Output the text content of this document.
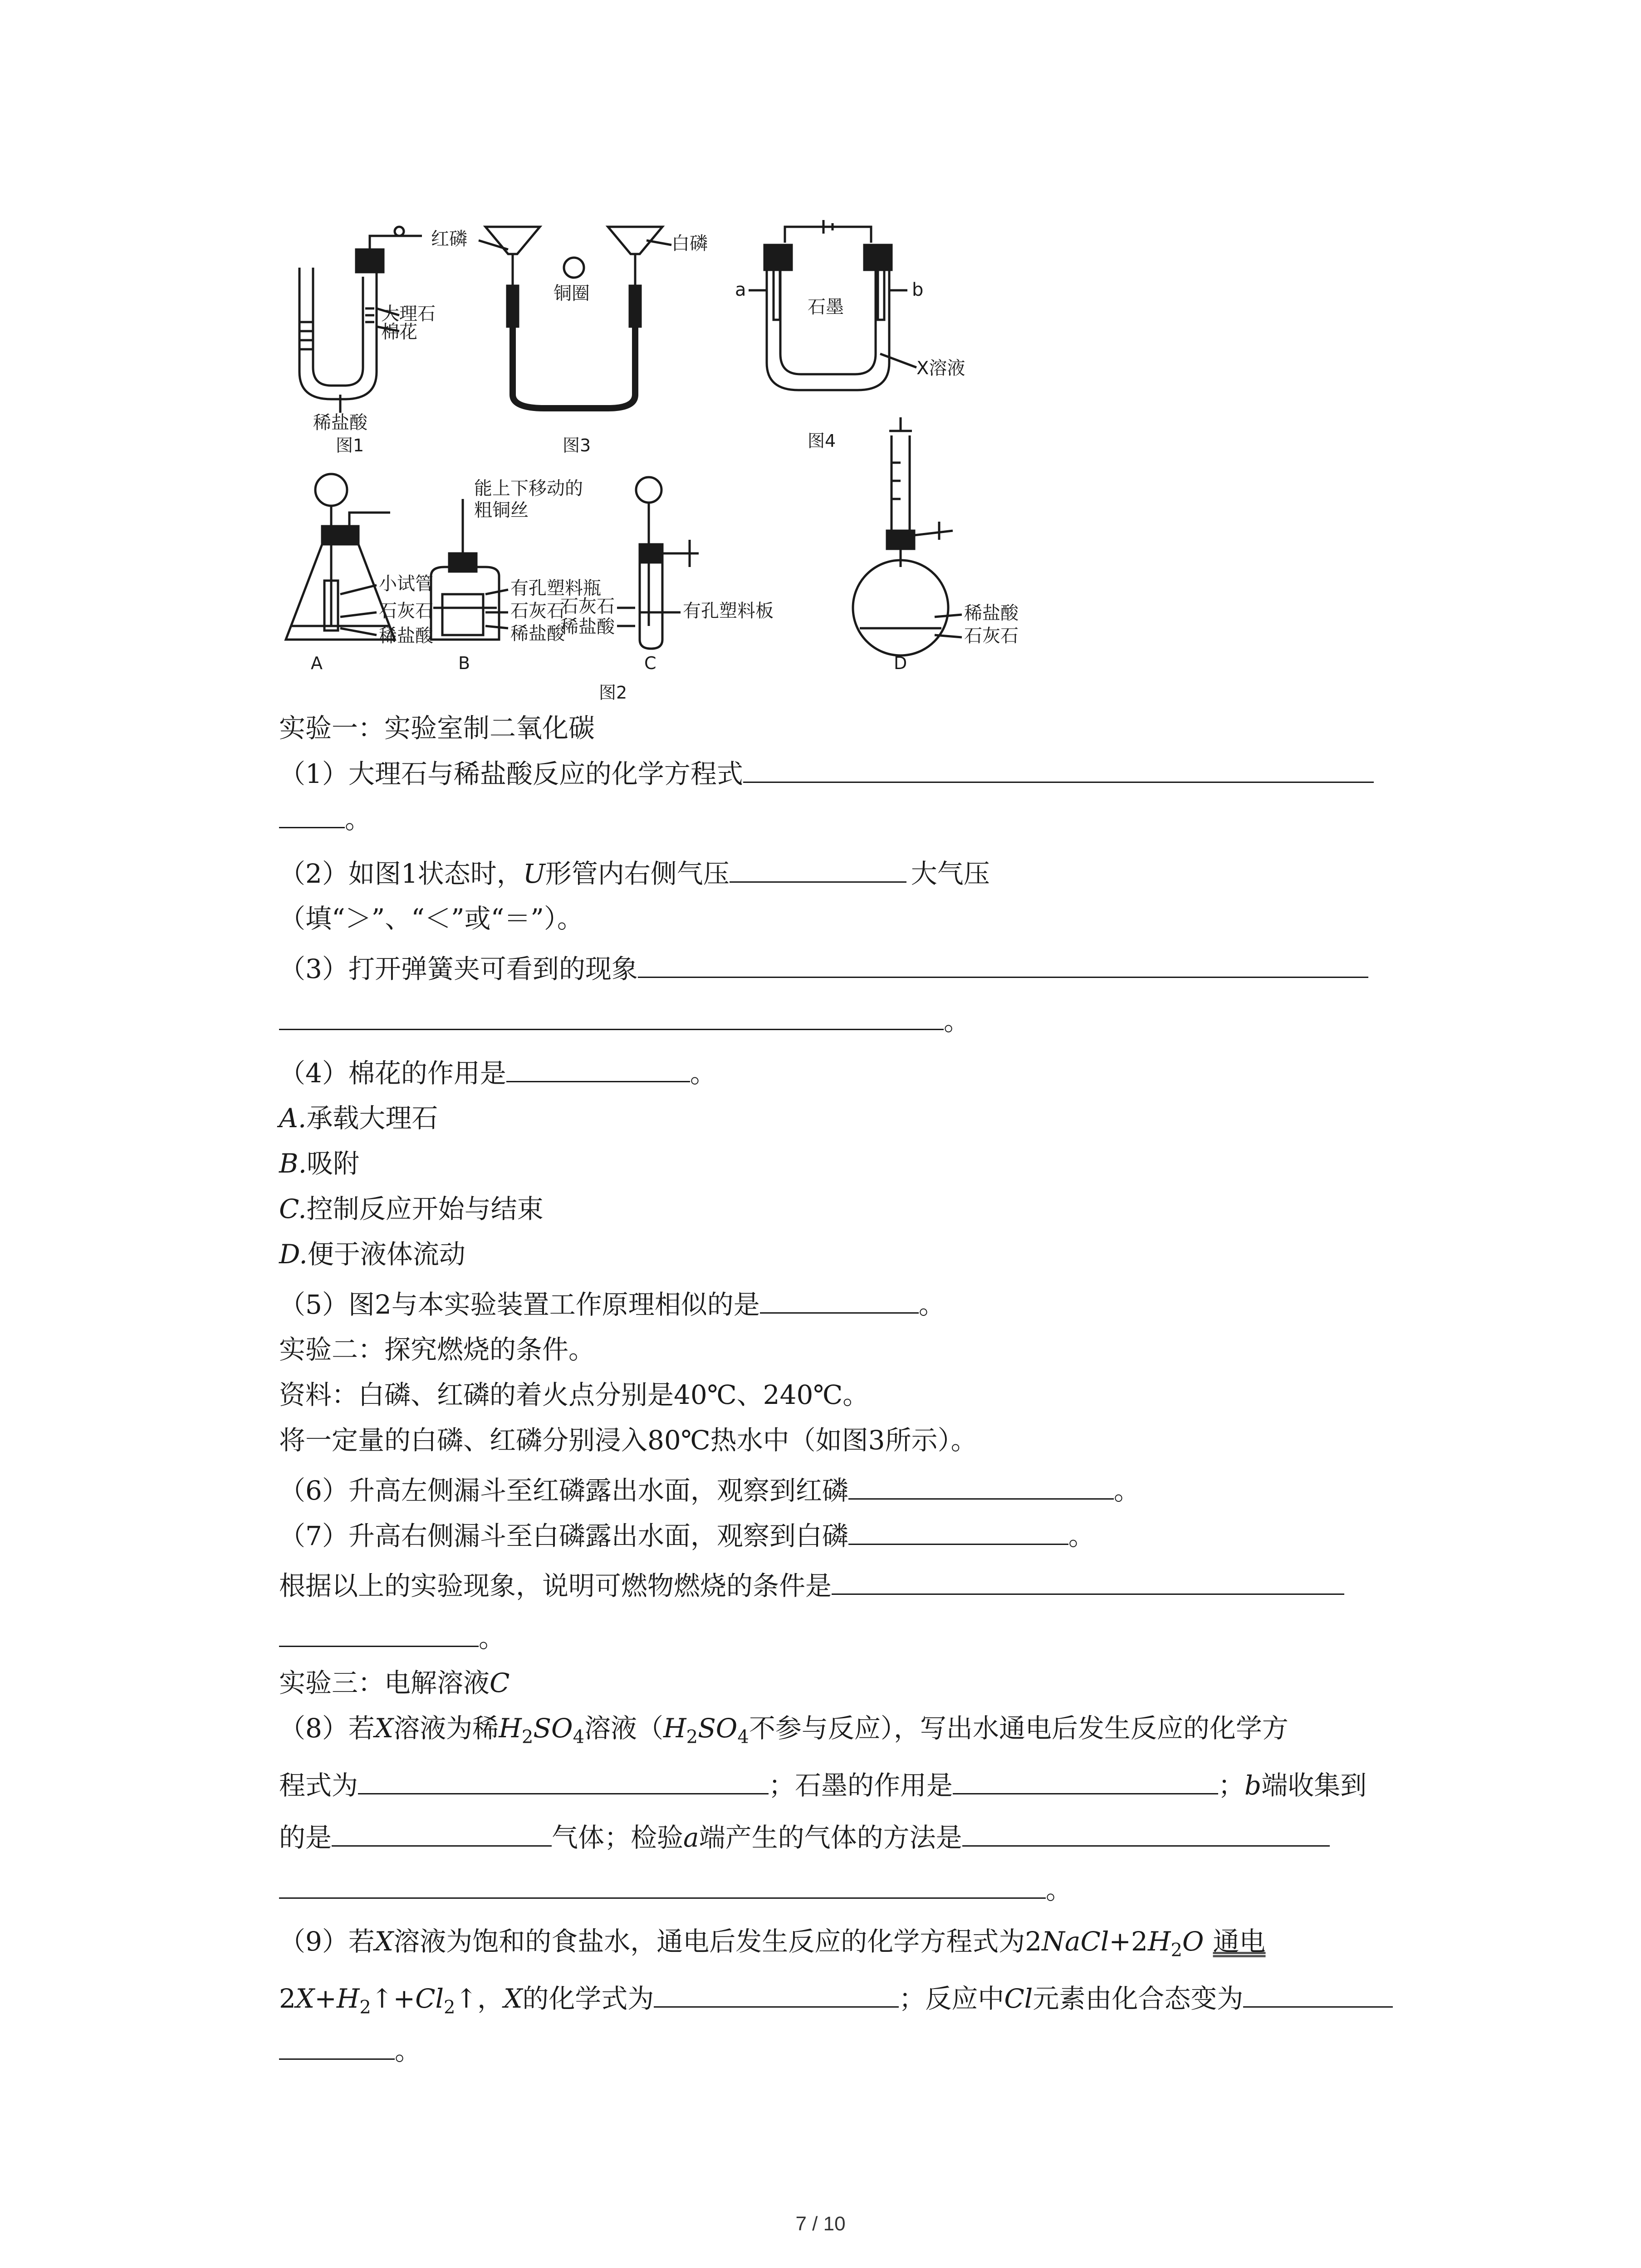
大理石
棉花
稀盐酸
图1
红磷	白磷
铜圈
图3
石墨
X溶液
a	b
图4
小试管
石灰石
稀盐酸
A
能上下移动的
粗铜丝
有孔塑料瓶
石灰石
稀盐酸
B
石灰石
稀盐酸
有孔塑料板
C
稀盐酸
石灰石
D
图2
实验一：实验室制二氧化碳
（1）大理石与稀盐酸反应的化学方程式
。
（2）如图1状态时，U形管内右侧气压	大气压
（填“＞”、“＜”或“＝”）。
（3）打开弹簧夹可看到的现象
。
（4）棉花的作用是	。
A.承载大理石
B.吸附
C.控制反应开始与结束
D.便于液体流动
（5）图2与本实验装置工作原理相似的是	。
实验二：探究燃烧的条件。
资料：白磷、红磷的着火点分别是40℃、240℃。
将一定量的白磷、红磷分别浸入80℃热水中（如图3所示）。
（6）升高左侧漏斗至红磷露出水面，观察到红磷	。
（7）升高右侧漏斗至白磷露出水面，观察到白磷	。
根据以上的实验现象，说明可燃物燃烧的条件是
。
实验三：电解溶液C
（8）若X溶液为稀$H_2SO_4$溶液（$H_2SO_4$不参与反应），写出水通电后发生反应的化学方
程式为	；石墨的作用是	；b端收集到
的是	气体；检验a端产生的气体的方法是
。
（9）若X溶液为饱和的食盐水，通电后发生反应的化学方程式为$2NaCl+2H_2O$ 通电
$2X+H_2↑+Cl_2↑$，X的化学式为	；反应中Cl元素由化合态变为
。
7 / 10
